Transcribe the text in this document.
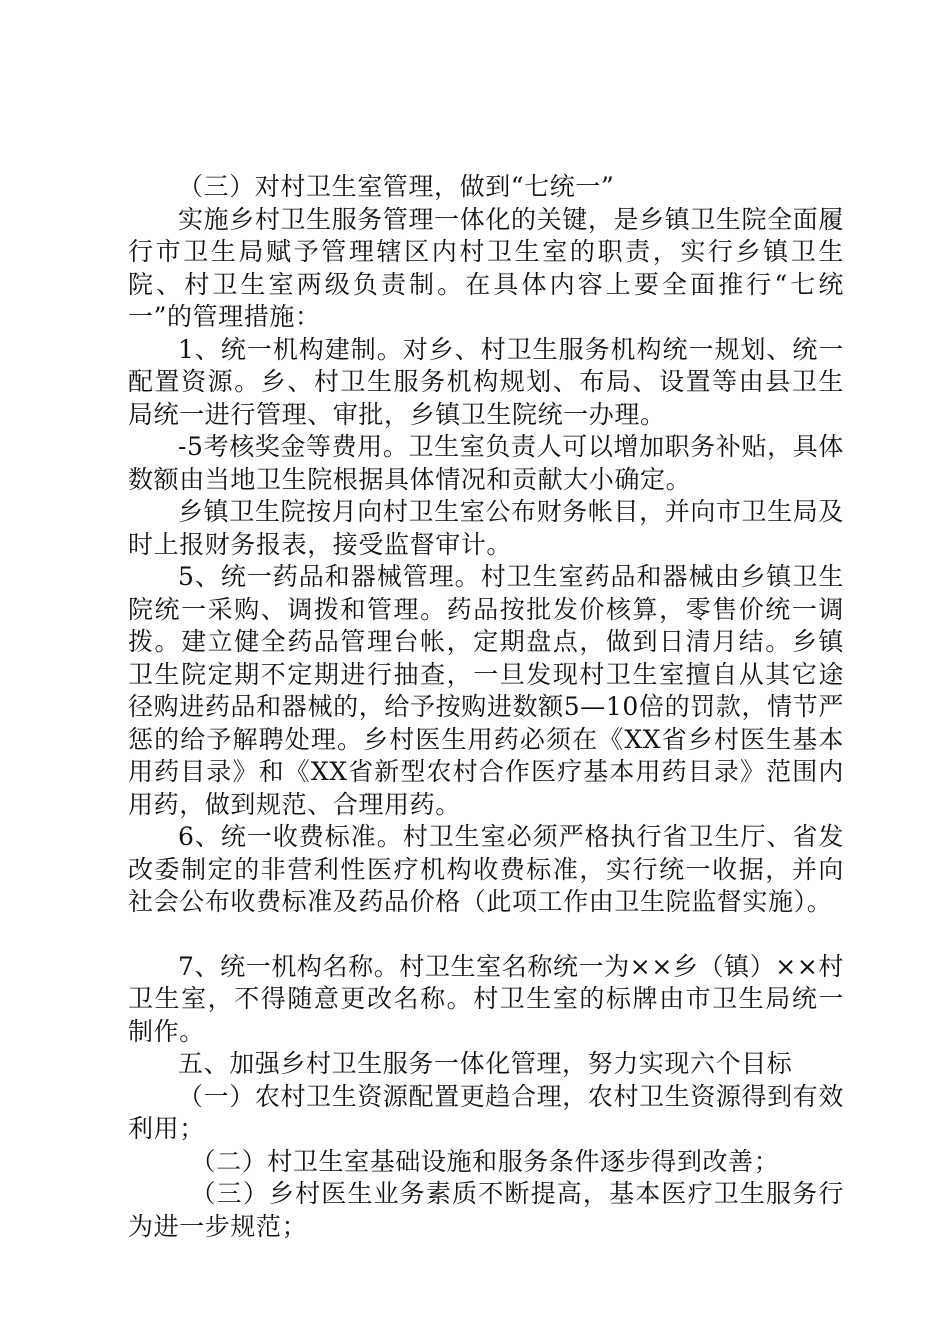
（三）对村卫生室管理，做到“七统一”

实施乡村卫生服务管理一体化的关键，是乡镇卫生院全面履行市卫生局赋予管理辖区内村卫生室的职责，实行乡镇卫生院、村卫生室两级负责制。在具体内容上要全面推行“七统一”的管理措施：

1、统一机构建制。对乡、村卫生服务机构统一规划、统一配置资源。乡、村卫生服务机构规划、布局、设置等由县卫生局统一进行管理、审批，乡镇卫生院统一办理。

-5考核奖金等费用。卫生室负责人可以增加职务补贴，具体数额由当地卫生院根据具体情况和贡献大小确定。

乡镇卫生院按月向村卫生室公布财务帐目，并向市卫生局及时上报财务报表，接受监督审计。

5、统一药品和器械管理。村卫生室药品和器械由乡镇卫生院统一采购、调拨和管理。药品按批发价核算，零售价统一调拨。建立健全药品管理台帐，定期盘点，做到日清月结。乡镇卫生院定期不定期进行抽查，一旦发现村卫生室擅自从其它途径购进药品和器械的，给予按购进数额5—10倍的罚款，情节严惩的给予解聘处理。乡村医生用药必须在《XX省乡村医生基本用药目录》和《XX省新型农村合作医疗基本用药目录》范围内用药，做到规范、合理用药。

6、统一收费标准。村卫生室必须严格执行省卫生厅、省发改委制定的非营利性医疗机构收费标准，实行统一收据，并向社会公布收费标准及药品价格（此项工作由卫生院监督实施）。

7、统一机构名称。村卫生室名称统一为××乡（镇）××村卫生室，不得随意更改名称。村卫生室的标牌由市卫生局统一制作。

五、加强乡村卫生服务一体化管理，努力实现六个目标

（一）农村卫生资源配置更趋合理，农村卫生资源得到有效利用；

（二）村卫生室基础设施和服务条件逐步得到改善；

（三）乡村医生业务素质不断提高，基本医疗卫生服务行为进一步规范；
